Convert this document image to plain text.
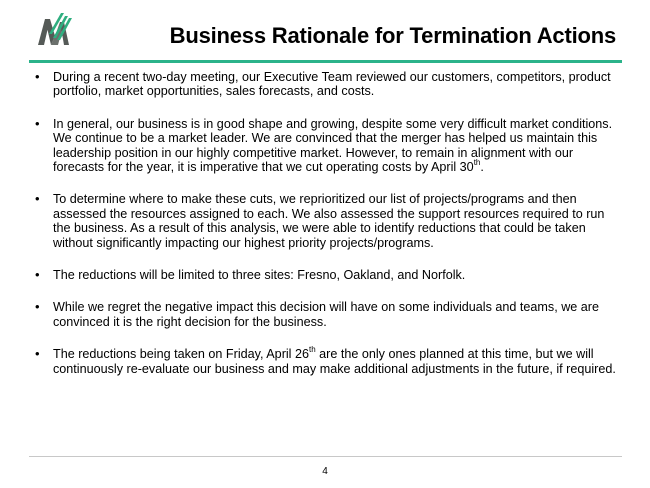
Business Rationale for Termination Actions
• During a recent two-day meeting, our Executive Team reviewed our customers, competitors, product portfolio, market opportunities, sales forecasts, and costs.
• In general, our business is in good shape and growing, despite some very difficult market conditions. We continue to be a market leader. We are convinced that the merger has helped us maintain this leadership position in our highly competitive market. However, to remain in alignment with our forecasts for the year, it is imperative that we cut operating costs by April 30th.
• To determine where to make these cuts, we reprioritized our list of projects/programs and then assessed the resources assigned to each. We also assessed the support resources required to run the business. As a result of this analysis, we were able to identify reductions that could be taken without significantly impacting our highest priority projects/programs.
• The reductions will be limited to three sites: Fresno, Oakland, and Norfolk.
• While we regret the negative impact this decision will have on some individuals and teams, we are convinced it is the right decision for the business.
• The reductions being taken on Friday, April 26th are the only ones planned at this time, but we will continuously re-evaluate our business and may make additional adjustments in the future, if required.
4
